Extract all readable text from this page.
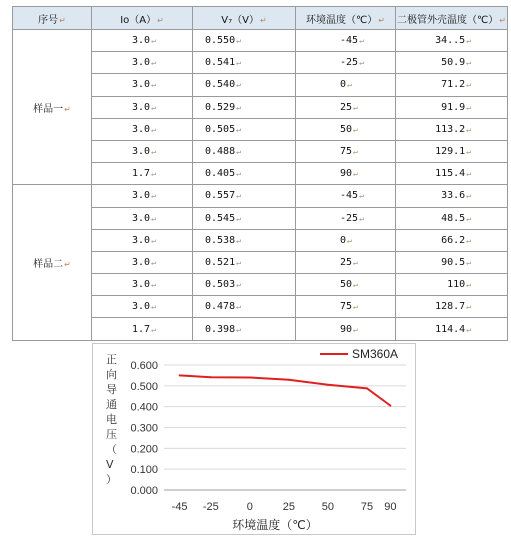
序号↵	Io（A）↵	V₇（V）↵	环境温度（℃）↵	二极管外壳温度（℃）↵
样品一↵	3.0↵	0.550↵	-45↵	34..5↵
	3.0↵	0.541↵	-25↵	50.9↵
	3.0↵	0.540↵	0↵	71.2↵
	3.0↵	0.529↵	25↵	91.9↵
	3.0↵	0.505↵	50↵	113.2↵
	3.0↵	0.488↵	75↵	129.1↵
	1.7↵	0.405↵	90↵	115.4↵
样品二↵	3.0↵	0.557↵	-45↵	33.6↵
	3.0↵	0.545↵	-25↵	48.5↵
	3.0↵	0.538↵	0↵	66.2↵
	3.0↵	0.521↵	25↵	90.5↵
	3.0↵	0.503↵	50↵	110↵
	3.0↵	0.478↵	75↵	128.7↵
	1.7↵	0.398↵	90↵	114.4↵
0.000
0.100
0.200
0.300
0.400
0.500
0.600
-45 -25	0	25 50 75 90
正向导通电压（ V ）
环境温度（℃）
SM360A
